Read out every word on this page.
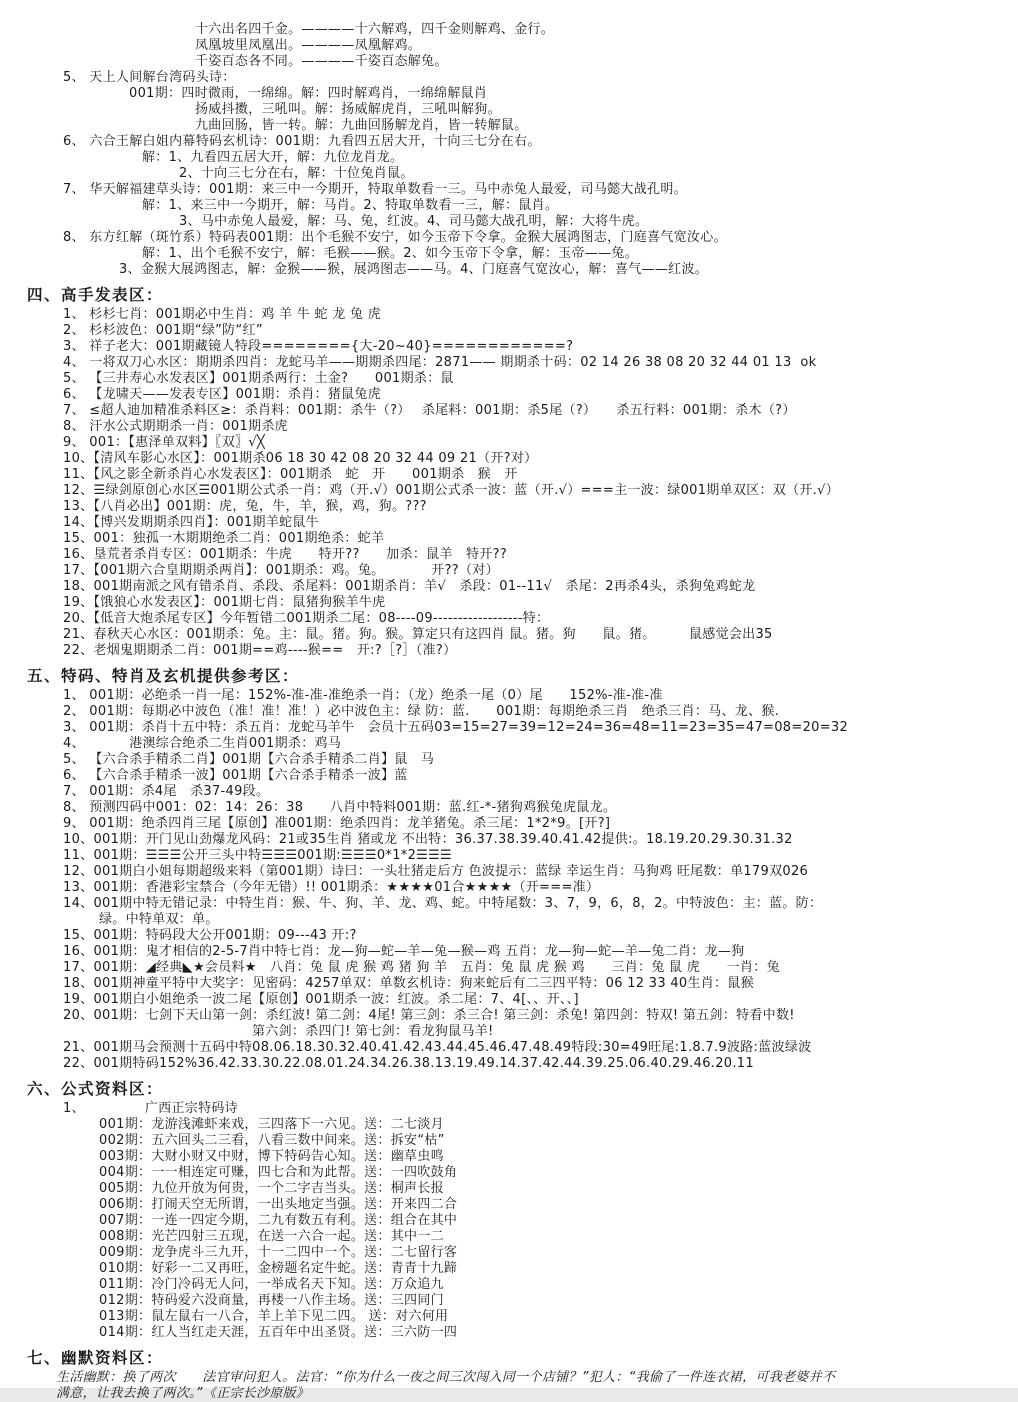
十六出名四千金。————十六解鸡，四千金则解鸡、金行。
凤凰坡里凤凰出。————凤凰解鸡。
千姿百态各不同。————千姿百态解兔。
5、 天上人间解台湾码头诗：
001期：四时微雨，一绵绵。解：四时解鸡肖，一绵绵解鼠肖
扬威抖擞，三吼叫。解：扬威解虎肖，三吼叫解狗。
九曲回肠，皆一转。解：九曲回肠解龙肖，皆一转解鼠。
6、 六合王解白姐内幕特码玄机诗：001期：九看四五居大开，十向三七分在右。
解：1、九看四五居大开，解：九位龙肖龙。
2、十向三七分在右，解：十位兔肖鼠。
7、 华天解福建草头诗：001期：来三中一今期开，特取单数看一三。马中赤兔人最爱，司马懿大战孔明。
解：1、来三中一今期开，解：马肖。2、特取单数看一三，解：鼠肖。
3、马中赤兔人最爱，解：马、兔，红波。4、司马懿大战孔明，解：大将牛虎。
8、 东方红解（斑竹系）特码表001期：出个毛猴不安宁，如今玉帝下令拿。金猴大展鸿图志，门庭喜气宽汝心。
解：1、出个毛猴不安宁，解：毛猴——猴。2、如今玉帝下令拿，解：玉帝——兔。
3、金猴大展鸿图志，解：金猴——猴，展鸿图志——马。4、门庭喜气宽汝心，解：喜气——红波。
四、高手发表区：
1、 杉杉七肖：001期必中生肖：鸡 羊 牛 蛇 龙 兔 虎
2、 杉杉波色：001期“绿”防“红”
3、 祥子老大：001期藏镜人特段========{大-20~40}============?
4、 一将双刀心水区：期期杀四肖：龙蛇马羊——期期杀四尾：2871—— 期期杀十码：02 14 26 38 08 20 32 44 01 13  ok
5、 【三井寿心水发表区】001期杀两行：土金?　　001期杀：鼠
6、 【龙啸天——发表专区】001期：杀肖：猪鼠兔虎
7、 ≤超人迪加精准杀料区≥：杀肖料：001期：杀牛（?）　 杀尾料：001期：杀5尾（?）　　杀五行料：001期：杀木（?）
8、 汗水公式期期杀一肖：001期杀虎
9、 001：【惠泽单双料】〖双〗√╳
10、【清风车影心水区】：001期杀06 18 30 42 08 20 32 44 09 21（开?对）
11、【风之影全新杀肖心水发表区】：001期杀　蛇　开　　001期杀　猴　开
12、☰绿剑原创心水区☰001期公式杀一肖：鸡（开.√）001期公式杀一波：蓝（开.√）===主一波：绿001期单双区：双（开.√）
13、【八肖必出】001期：虎，兔，牛，羊，猴，鸡，狗。???
14、【博兴发期期杀四肖】：001期羊蛇鼠牛
15、001：独孤一木期期绝杀二肖：001期绝杀：蛇羊
16、垦荒者杀肖专区：001期杀：牛虎　　特开??　　加杀：鼠羊　特开??
17、【001期六合皇期期杀两肖】：001期杀：鸡。兔。　　　　开??（对）
18、001期南派之风有错杀肖、杀段、杀尾料：001期杀肖：羊√　杀段：01--11√　杀尾：2再杀4头，杀狗兔鸡蛇龙
19、【饿狼心水发表区】：001期七肖：鼠猪狗猴羊牛虎
20、【低音大炮杀尾专区】今年暂错二001期杀二尾：08----09------------------特：
21、春秋天心水区：001期杀：兔。主：鼠。猪。狗。猴。算定只有这四肖 鼠。猪。狗　　鼠。猪。　　　鼠感觉会出35
22、老烟鬼期期杀二肖：001期==鸡----猴==　开:?［?］（准?）
五、特码、特肖及玄机提供参考区：
1、 001期：必绝杀一肖一尾：152%-准-准-准绝杀一肖：（龙）绝杀一尾（0）尾　　152%-准-准-准
2、 001期：每期必中波色（准！准！准！）必中波色主：绿 防：蓝.　　001期：每期绝杀三肖　绝杀三肖：马、龙、猴.
3、 001期：杀肖十五中特：杀五肖：龙蛇马羊牛　会员十五码03=15=27=39=12=24=36=48=11=23=35=47=08=20=32
4、 　　　港澳综合绝杀二生肖001期杀：鸡马
5、 【六合杀手精杀二肖】001期【六合杀手精杀二肖】鼠　马
6、 【六合杀手精杀一波】001期【六合杀手精杀一波】蓝
7、 001期：杀4尾　杀37-49段。
8、 预测四码中001：02：14：26：38　　八肖中特料001期：蓝.红-*-猪狗鸡猴兔虎鼠龙。
9、 001期：绝杀四肖三尾【原创】准001期：绝杀四肖：龙羊猪兔。杀三尾：1*2*9。[开?]
10、001期：开门见山劲爆龙风码：21或35生肖 猪或龙 不出特：36.37.38.39.40.41.42提供:。18.19.20.29.30.31.32
11、001期：☰☰☰公开三头中特☰☰☰001期:☰☰☰0*1*2☰☰☰
12、001期白小姐每期超级来料（第001期）诗曰：一头壮猪走后方 色波提示：蓝绿 幸运生肖：马狗鸡 旺尾数：单179双026
13、001期：香港彩宝禁合（今年无错）!! 001期杀：★★★★01合★★★★（开===准）
14、001期中特无错记录：中特生肖：猴、牛、狗、羊、龙、鸡、蛇。中特尾数：3、7，9，6，8，2。中特波色：主：蓝。防：
绿。中特单双：单。
15、001期：特码段大公开001期：09---43 开:?
16、001期：鬼才相信的2-5-7肖中特七肖：龙—狗—蛇—羊—兔—猴—鸡 五肖：龙—狗—蛇—羊—兔二肖：龙—狗
17、001期：◢经典◣★会员料★　八肖：兔 鼠 虎 猴 鸡 猪 狗 羊　五肖：兔 鼠 虎 猴 鸡　　三肖：兔 鼠 虎　　一肖：兔
18、001期神童平特中大奖字：见密码：4257单双：单数玄机诗：狗来蛇后有二三四平特：06 12 33 40生肖：鼠猴
19、001期白小姐绝杀一波二尾【原创】001期杀一波：红波。杀二尾：7、4[、、开、、]
20、001期：七剑下天山第一剑：杀红波! 第二剑：4尾! 第三剑：杀三合! 第三剑：杀兔! 第四剑：特双! 第五剑：特看中数!
第六剑：杀四门! 第七剑：看龙狗鼠马羊!
21、001期马会预测十五码中特08.06.18.30.32.40.41.42.43.44.45.46.47.48.49特段:30=49旺尾:1.8.7.9波路:蓝波绿波
22、001期特码152%36.42.33.30.22.08.01.24.34.26.38.13.19.49.14.37.42.44.39.25.06.40.29.46.20.11
六、公式资料区：
1、　　　　　广西正宗特码诗
001期：龙游浅滩虾来戏，三四落下一六见。送：二七淡月
002期：五六回头二三看，八看三数中间来。送：拆安“枯”
003期：大财小财又中财，博下特码告心知。送：幽草虫鸣
004期：一一相连定可赚，四七合和为此帮。送：一四吹鼓角
005期：九位开放为何贵，一个二字吉当头。送：桐声长报
006期：打闹天空无所谓，一出头地定当强。送：开来四二合
007期：一连一四定今期，二九有数五有利。送：组合在其中
008期：光芒四射三五现，在送一六合一起。送：其中一二
009期：龙争虎斗三九开，十一二四中一个。送：二七留行客
010期：好彩一二又再旺，金榜题名定牛蛇。送：青青十九蹄
011期：冷门冷码无人问，一举成名天下知。送：万众追九
012期：特码爱六没商量，再楼一八作主场。送：三四同门
013期：鼠左鼠右一八合，羊上羊下见二四。 送：对六何用
014期：红人当红走天涯，五百年中出圣贤。送：三六防一四
七、幽默资料区：
生活幽默：换了两次　　法官审问犯人。法官：“你为什么一夜之间三次闯入同一个店铺？”犯人：“我偷了一件连衣裙，可我老婆并不
满意，让我去换了两次。”《正宗长沙原版》
